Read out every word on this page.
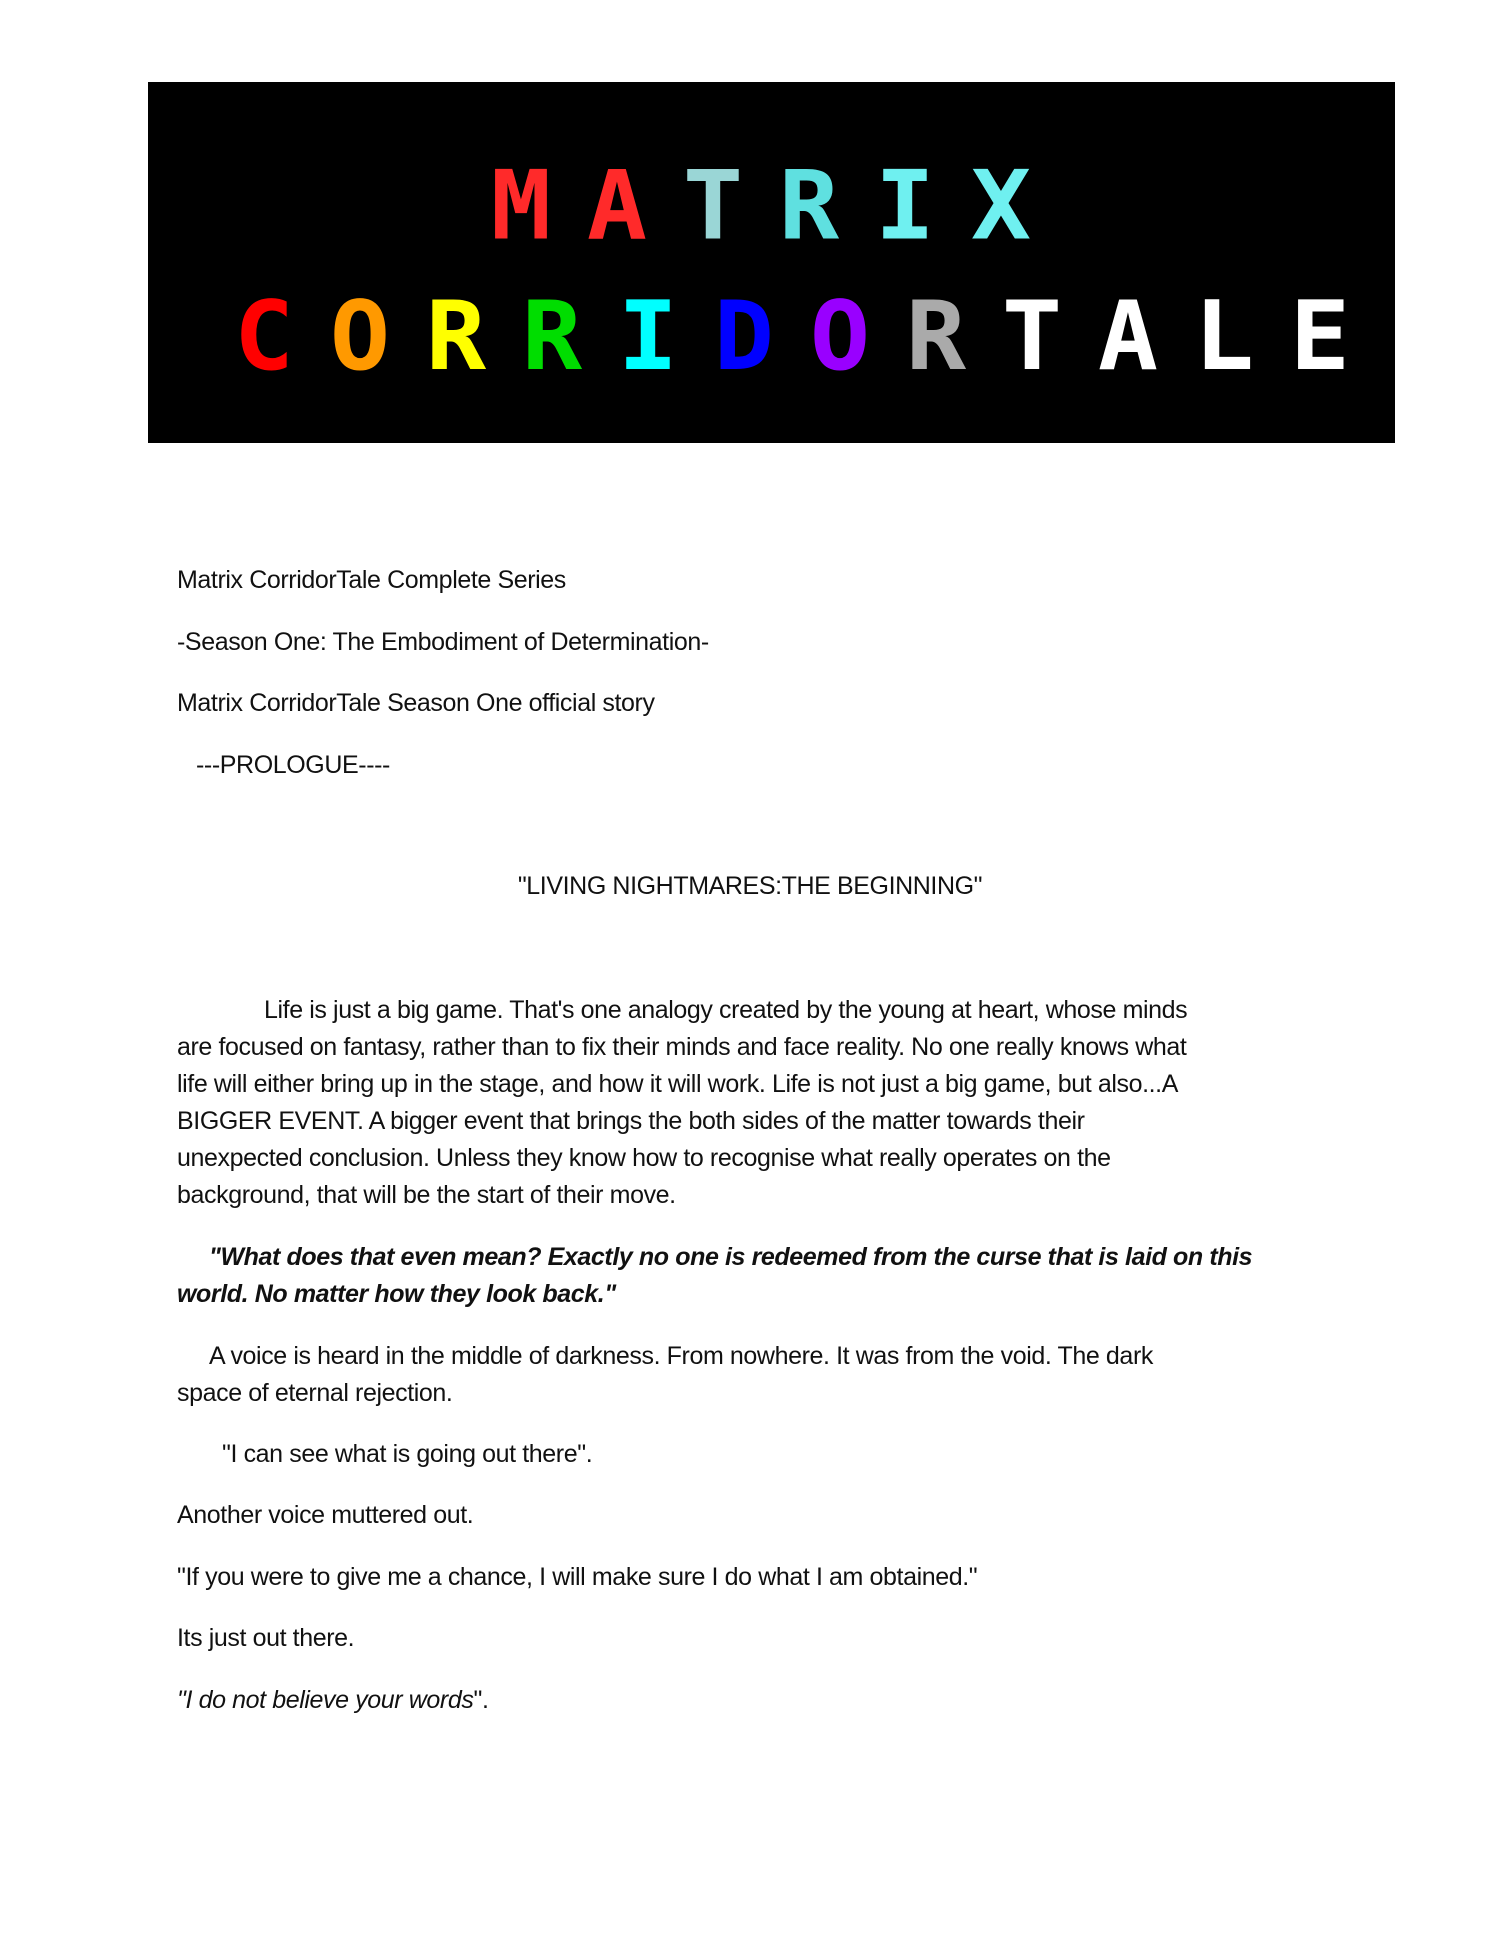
M A T R I X
C O R R I D O R T A L E
Matrix CorridorTale Complete Series
-Season One: The Embodiment of Determination-
Matrix CorridorTale Season One official story
---PROLOGUE----
"LIVING NIGHTMARES:THE BEGINNING"
Life is just a big game. That's one analogy created by the young at heart, whose minds
are focused on fantasy, rather than to fix their minds and face reality. No one really knows what
life will either bring up in the stage, and how it will work. Life is not just a big game, but also...A
BIGGER EVENT. A bigger event that brings the both sides of the matter towards their
unexpected conclusion. Unless they know how to recognise what really operates on the
background, that will be the start of their move.
"What does that even mean? Exactly no one is redeemed from the curse that is laid on this
world. No matter how they look back."
A voice is heard in the middle of darkness. From nowhere. It was from the void. The dark
space of eternal rejection.
"I can see what is going out there".
Another voice muttered out.
"If you were to give me a chance, I will make sure I do what I am obtained."
Its just out there.
"I do not believe your words".
